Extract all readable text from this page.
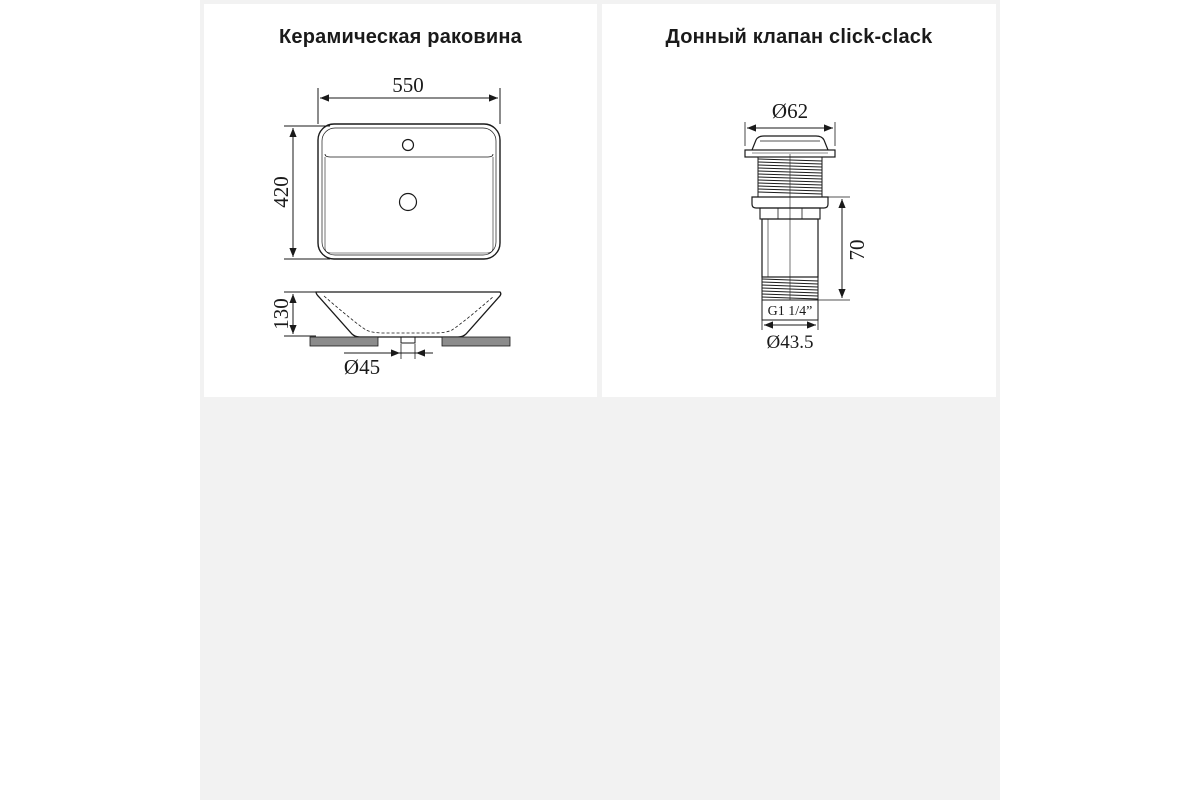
Керамическая раковина
550
420
130
Ø45
Донный клапан click-clack
Ø62
G1 1/4”
Ø43.5
70
